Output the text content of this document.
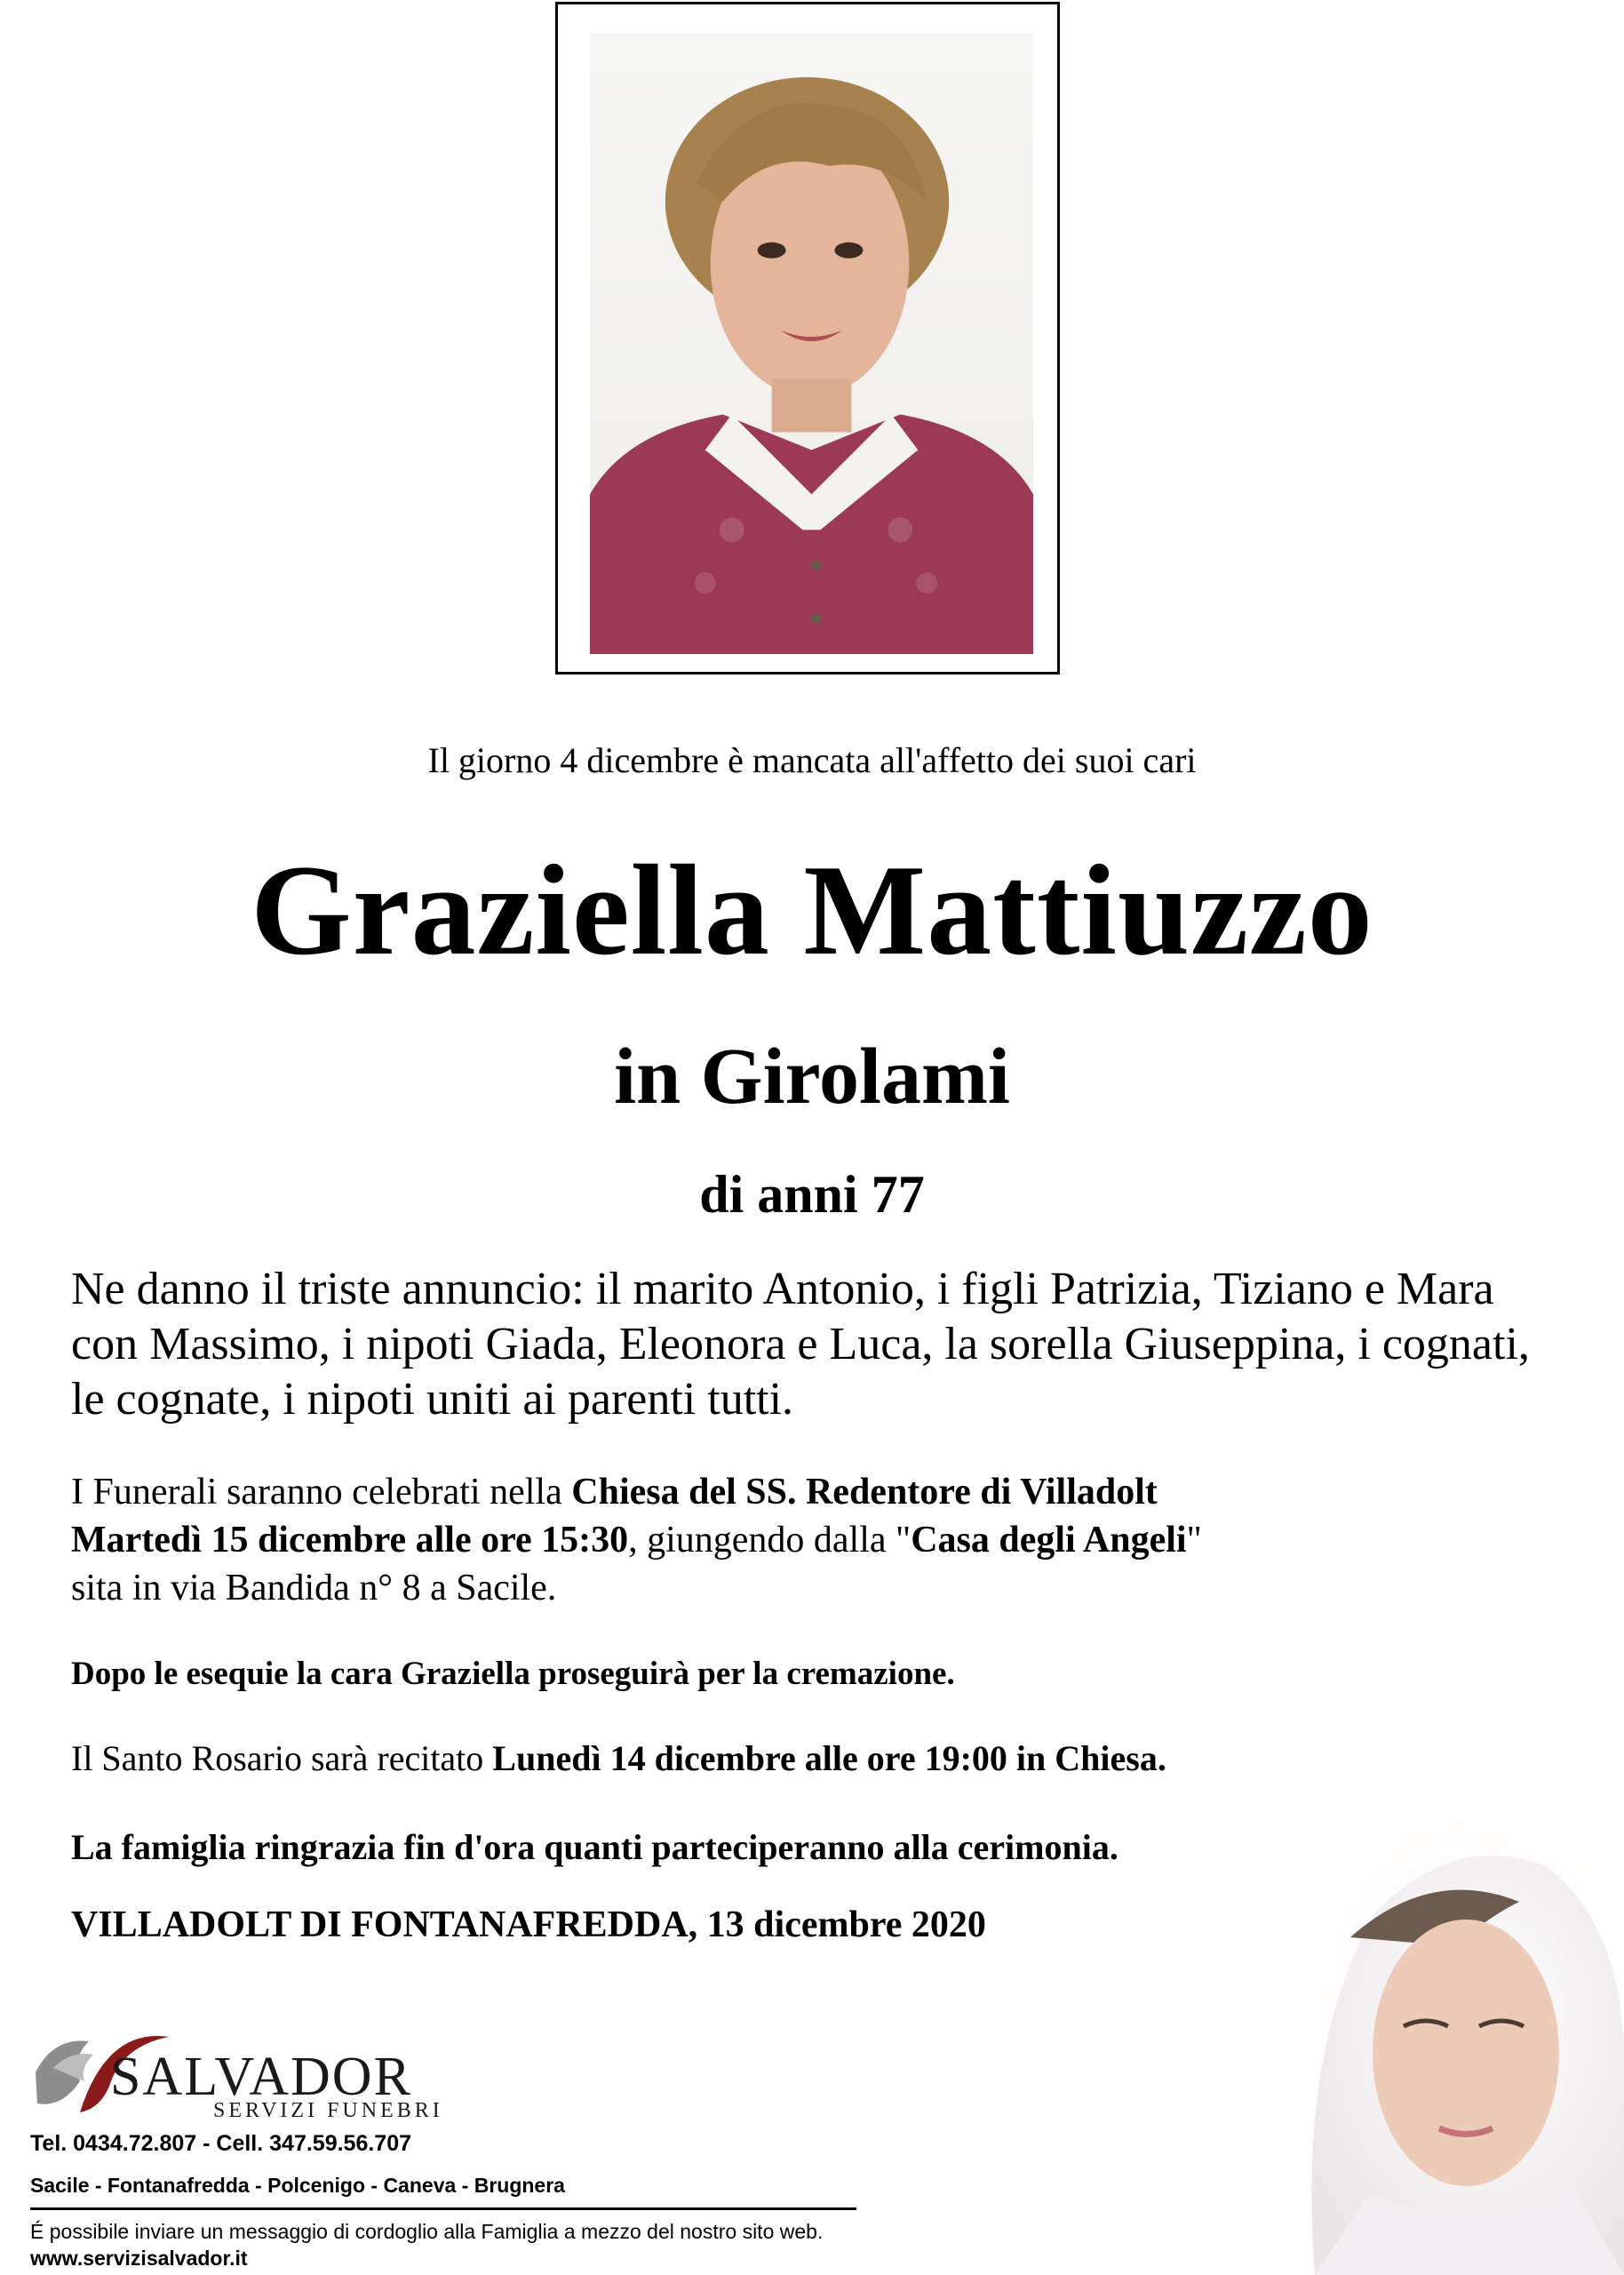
Il giorno 4 dicembre è mancata all'affetto dei suoi cari
Graziella Mattiuzzo
in Girolami
di anni 77
Ne danno il triste annuncio: il marito Antonio, i figli Patrizia, Tiziano e Mara con Massimo, i nipoti Giada, Eleonora e Luca, la sorella Giuseppina, i cognati, le cognate, i nipoti uniti ai parenti tutti.
I Funerali saranno celebrati nella Chiesa del SS. Redentore di Villadolt
Martedì 15 dicembre alle ore 15:30, giungendo dalla "Casa degli Angeli"
sita in via Bandida n° 8 a Sacile.
Dopo le esequie la cara Graziella proseguirà per la cremazione.
Il Santo Rosario sarà recitato Lunedì 14 dicembre alle ore 19:00 in Chiesa.
La famiglia ringrazia fin d'ora quanti parteciperanno alla cerimonia.
VILLADOLT DI FONTANAFREDDA, 13 dicembre 2020
SALVADOR
SERVIZI FUNEBRI
Tel. 0434.72.807 - Cell. 347.59.56.707
Sacile - Fontanafredda - Polcenigo - Caneva - Brugnera
É possibile inviare un messaggio di cordoglio alla Famiglia a mezzo del nostro sito web.
www.servizisalvador.it
